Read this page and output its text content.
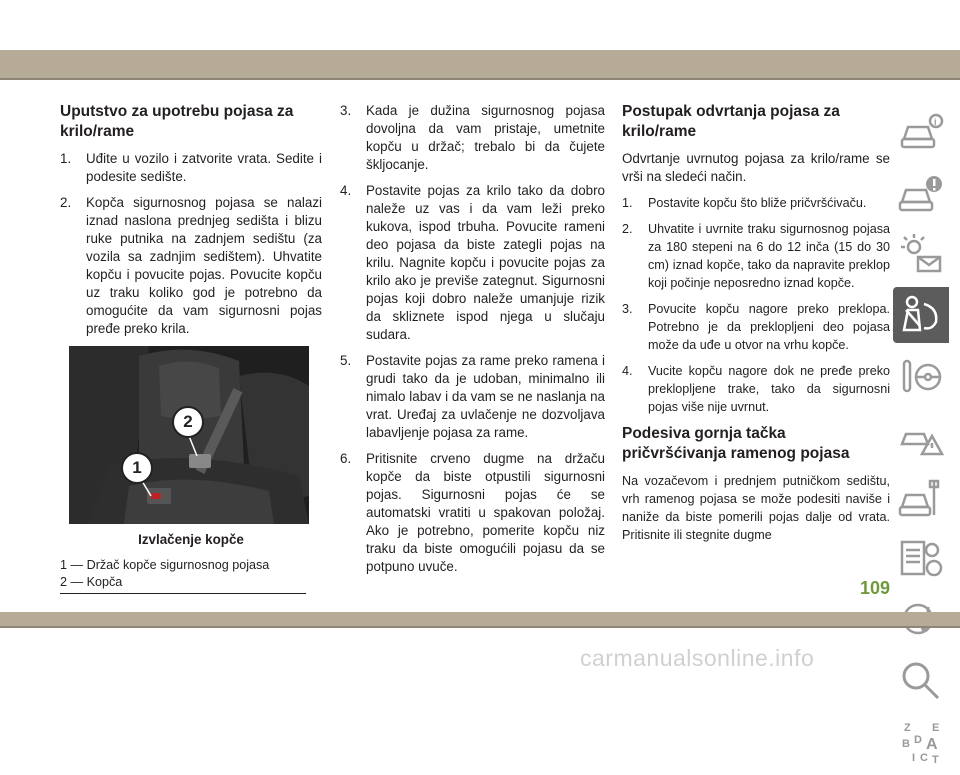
Uputstvo za upotrebu pojasa za krilo/rame
1. Uđite u vozilo i zatvorite vrata. Sedite i podesite sedište.
2. Kopča sigurnosnog pojasa se nalazi iznad naslona prednjeg sedišta i blizu ruke putnika na zadnjem sedištu (za vozila sa zadnjim sedištem). Uhvatite kopču i povucite pojas. Povucite kopču uz traku koliko god je potrebno da omogućite da vam sigurnosni pojas pređe preko krila.
1
2
Izvlačenje kopče
1 — Držač kopče sigurnosnog pojasa
2 — Kopča
3. Kada je dužina sigurnosnog pojasa dovoljna da vam pristaje, umetnite kopču u držač; trebalo bi da čujete škljocanje.
4. Postavite pojas za krilo tako da dobro naleže uz vas i da vam leži preko kukova, ispod trbuha. Povucite rameni deo pojasa da biste zategli pojas na krilu. Nagnite kopču i povucite pojas za krilo ako je previše zategnut. Sigurnosni pojas koji dobro naleže umanjuje rizik da skliznete ispod njega u slučaju sudara.
5. Postavite pojas za rame preko ramena i grudi tako da je udoban, minimalno ili nimalo labav i da vam se ne naslanja na vrat. Uređaj za uvlačenje ne dozvoljava labavljenje pojasa za rame.
6. Pritisnite crveno dugme na držaču kopče da biste otpustili sigurnosni pojas. Sigurnosni pojas će se automatski vratiti u spakovan položaj. Ako je potrebno, pomerite kopču niz traku da biste omogućili pojasu da se potpuno uvuče.
Postupak odvrtanja pojasa za krilo/rame

Odvrtanje uvrnutog pojasa za krilo/rame se vrši na sledeći način.

1. Postavite kopču što bliže pričvršćivaču.
2. Uhvatite i uvrnite traku sigurnosnog pojasa za 180 stepeni na 6 do 12 inča (15 do 30 cm) iznad kopče, tako da napravite preklop koji počinje neposredno iznad kopče.
3. Povucite kopču nagore preko preklopa. Potrebno je da preklopljeni deo pojasa može da uđe u otvor na vrhu kopče.
4. Vucite kopču nagore dok ne pređe preko preklopljene trake, tako da sigurnosni pojas više nije uvrnut.
Podesiva gornja tačka pričvršćivanja ramenog pojasa

Na vozačevom i prednjem putničkom sedištu, vrh ramenog pojasa se može podesiti naviše i naniže da biste pomerili pojas dalje od vrata. Pritisnite ili stegnite dugme

i
Z E
B A
D
I C T
109
carmanualsonline.info
